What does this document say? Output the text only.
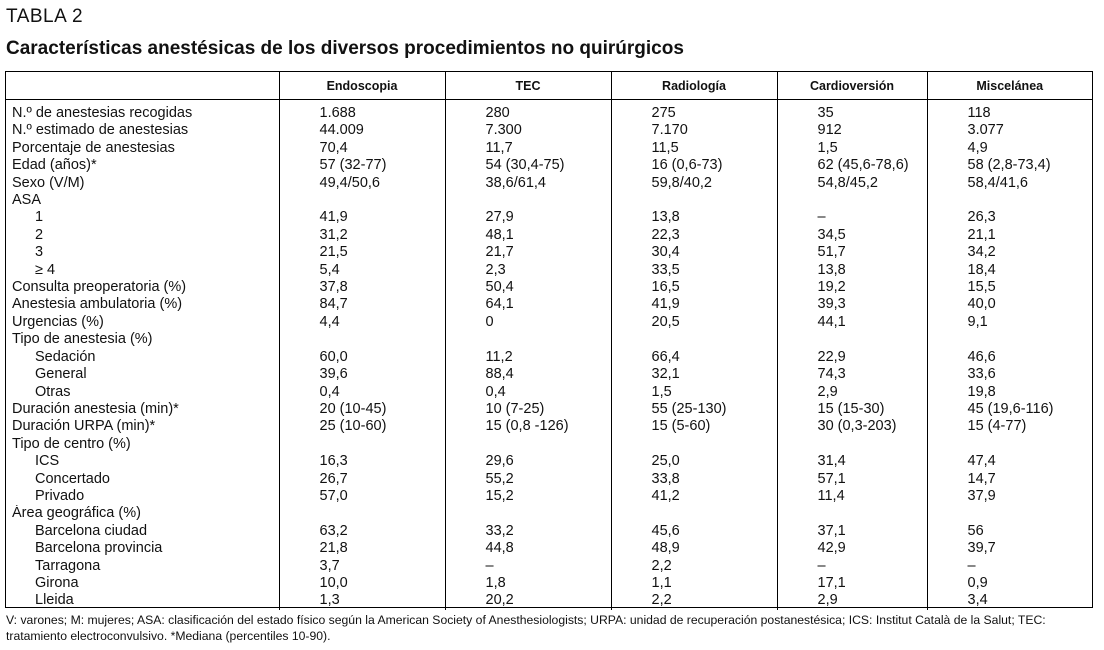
TABLA 2
Características anestésicas de los diversos procedimientos no quirúrgicos
	Endoscopia	TEC	Radiología	Cardioversión	Miscelánea
N.º de anestesias recogidas	1.688	280	275	35	118
N.º estimado de anestesias	44.009	7.300	7.170	912	3.077
Porcentaje de anestesias	70,4	11,7	11,5	1,5	4,9
Edad (años)*	57 (32-77)	54 (30,4-75)	16 (0,6-73)	62 (45,6-78,6)	58 (2,8-73,4)
Sexo (V/M)	49,4/50,6	38,6/61,4	59,8/40,2	54,8/45,2	58,4/41,6
ASA					
1	41,9	27,9	13,8	–	26,3
2	31,2	48,1	22,3	34,5	21,1
3	21,5	21,7	30,4	51,7	34,2
≥ 4	5,4	2,3	33,5	13,8	18,4
Consulta preoperatoria (%)	37,8	50,4	16,5	19,2	15,5
Anestesia ambulatoria (%)	84,7	64,1	41,9	39,3	40,0
Urgencias (%)	4,4	0	20,5	44,1	9,1
Tipo de anestesia (%)					
Sedación	60,0	11,2	66,4	22,9	46,6
General	39,6	88,4	32,1	74,3	33,6
Otras	0,4	0,4	1,5	2,9	19,8
Duración anestesia (min)*	20 (10-45)	10 (7-25)	55 (25-130)	15 (15-30)	45 (19,6-116)
Duración URPA (min)*	25 (10-60)	15 (0,8 -126)	15 (5-60)	30 (0,3-203)	15 (4-77)
Tipo de centro (%)					
ICS	16,3	29,6	25,0	31,4	47,4
Concertado	26,7	55,2	33,8	57,1	14,7
Privado	57,0	15,2	41,2	11,4	37,9
Área geográfica (%)					
Barcelona ciudad	63,2	33,2	45,6	37,1	56
Barcelona provincia	21,8	44,8	48,9	42,9	39,7
Tarragona	3,7	–	2,2	–	–
Girona	10,0	1,8	1,1	17,1	0,9
Lleida	1,3	20,2	2,2	2,9	3,4
V: varones; M: mujeres; ASA: clasificación del estado físico según la American Society of Anesthesiologists; URPA: unidad de recuperación postanestésica; ICS: Institut Català de la Salut; TEC: tratamiento electroconvulsivo. *Mediana (percentiles 10-90).
